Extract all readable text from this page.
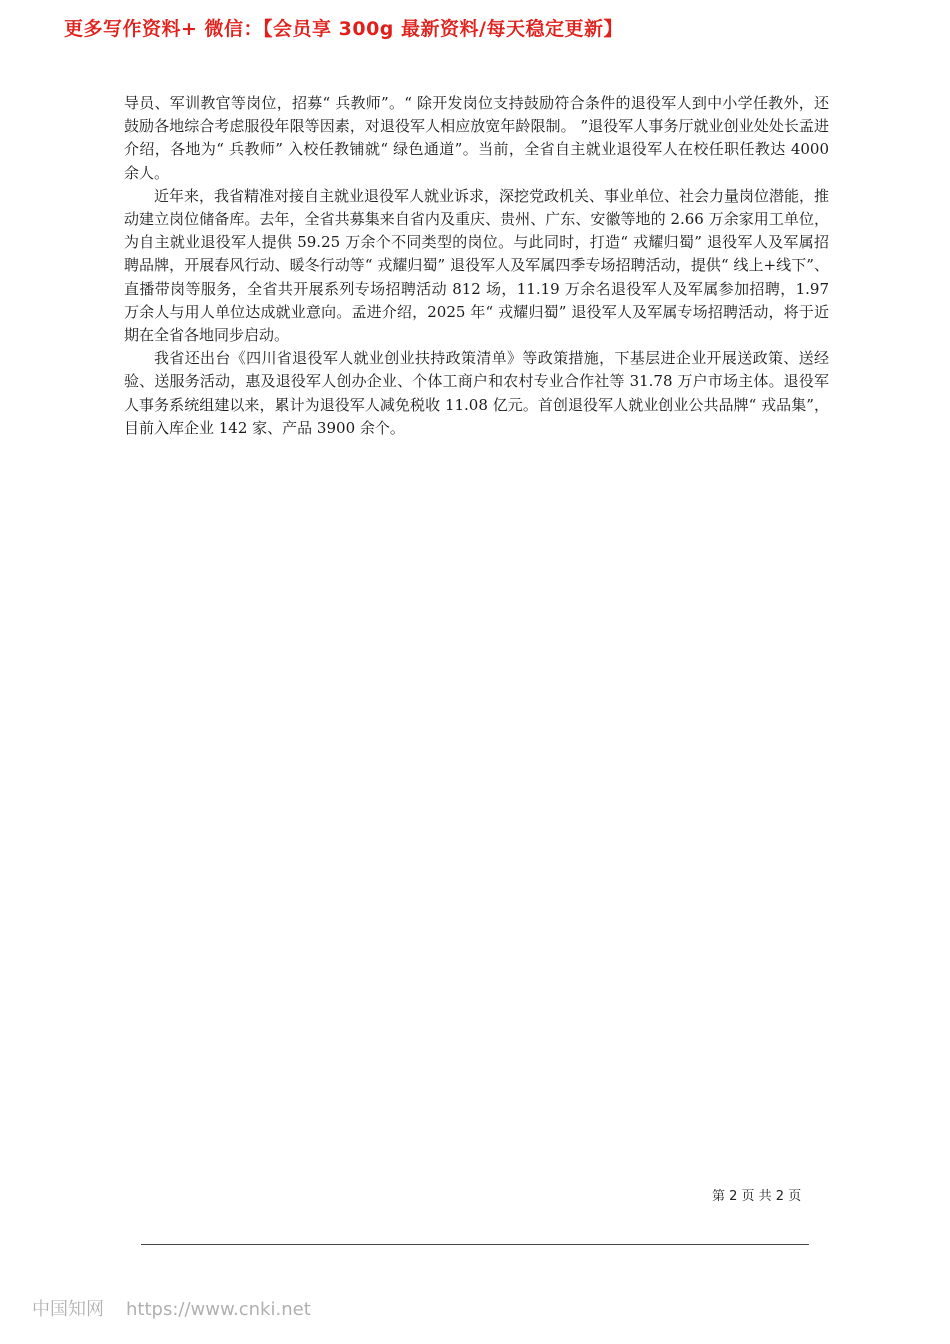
更多写作资料+ 微信：【会员享 300g 最新资料/每天稳定更新】

导员、军训教官等岗位，招募“ 兵教师”。“ 除开发岗位支持鼓励符合条件的退役军人到中小学任教外，还鼓励各地综合考虑服役年限等因素，对退役军人相应放宽年龄限制。 ”退役军人事务厅就业创业处处长孟进介绍，各地为“ 兵教师” 入校任教铺就“ 绿色通道”。当前，全省自主就业退役军人在校任职任教达 4000 余人。

近年来，我省精准对接自主就业退役军人就业诉求，深挖党政机关、事业单位、社会力量岗位潜能，推动建立岗位储备库。去年，全省共募集来自省内及重庆、贵州、广东、安徽等地的 2.66 万余家用工单位，为自主就业退役军人提供 59.25 万余个不同类型的岗位。与此同时，打造“ 戎耀归蜀” 退役军人及军属招聘品牌，开展春风行动、暖冬行动等“ 戎耀归蜀” 退役军人及军属四季专场招聘活动，提供“ 线上+线下”、直播带岗等服务，全省共开展系列专场招聘活动 812 场，11.19 万余名退役军人及军属参加招聘，1.97 万余人与用人单位达成就业意向。孟进介绍，2025 年“ 戎耀归蜀” 退役军人及军属专场招聘活动，将于近期在全省各地同步启动。

我省还出台《四川省退役军人就业创业扶持政策清单》等政策措施，下基层进企业开展送政策、送经验、送服务活动，惠及退役军人创办企业、个体工商户和农村专业合作社等 31.78 万户市场主体。退役军人事务系统组建以来，累计为退役军人减免税收 11.08 亿元。首创退役军人就业创业公共品牌“ 戎品集”，目前入库企业 142 家、产品 3900 余个。

第 2 页 共 2 页
中国知网 https://www.cnki.net
